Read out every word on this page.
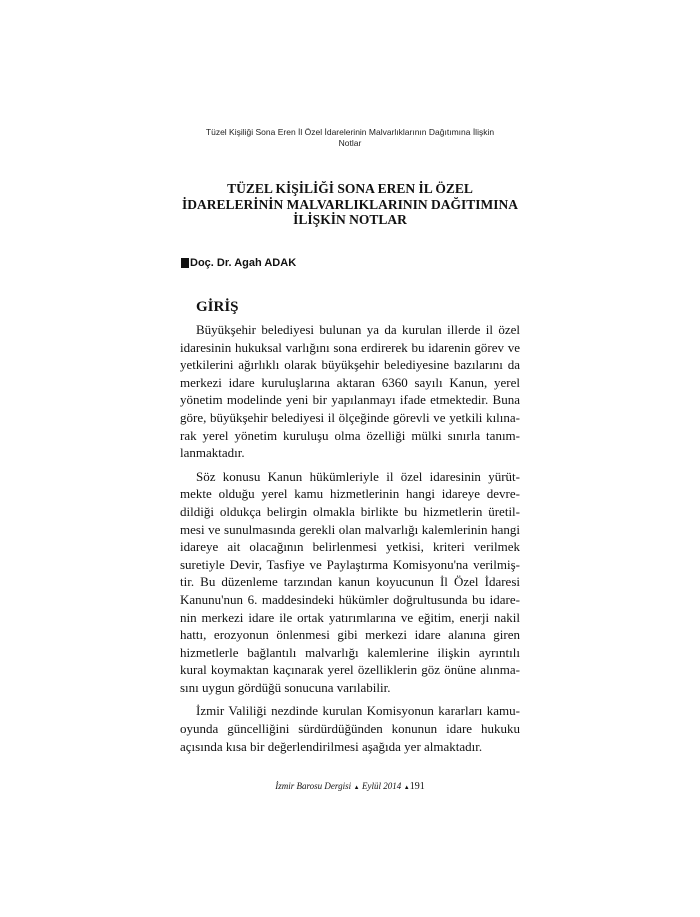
Tüzel Kişiliği Sona Eren İl Özel İdarelerinin Malvarlıklarının Dağıtımına İlişkin
Notlar
TÜZEL KİŞİLİĞİ SONA EREN İL ÖZEL
İDARELERİNİN MALVARLIKLARININ DAĞITIMINA
İLİŞKİN NOTLAR
Doç. Dr. Agah ADAK
GİRİŞ
Büyükşehir belediyesi bulunan ya da kurulan illerde il özel
idaresinin hukuksal varlığını sona erdirerek bu idarenin görev ve
yetkilerini ağırlıklı olarak büyükşehir belediyesine bazılarını da
merkezi idare kuruluşlarına aktaran 6360 sayılı Kanun, yerel
yönetim modelinde yeni bir yapılanmayı ifade etmektedir. Buna
göre, büyükşehir belediyesi il ölçeğinde görevli ve yetkili kılına-
rak yerel yönetim kuruluşu olma özelliği mülki sınırla tanım-
lanmaktadır.
Söz konusu Kanun hükümleriyle il özel idaresinin yürüt-
mekte olduğu yerel kamu hizmetlerinin hangi idareye devre-
dildiği oldukça belirgin olmakla birlikte bu hizmetlerin üretil-
mesi ve sunulmasında gerekli olan malvarlığı kalemlerinin hangi
idareye ait olacağının belirlenmesi yetkisi, kriteri verilmek
suretiyle Devir, Tasfiye ve Paylaştırma Komisyonu'na verilmiş-
tir. Bu düzenleme tarzından kanun koyucunun İl Özel İdaresi
Kanunu'nun 6. maddesindeki hükümler doğrultusunda bu idare-
nin merkezi idare ile ortak yatırımlarına ve eğitim, enerji nakil
hattı, erozyonun önlenmesi gibi merkezi idare alanına giren
hizmetlerle bağlantılı malvarlığı kalemlerine ilişkin ayrıntılı
kural koymaktan kaçınarak yerel özelliklerin göz önüne alınma-
sını uygun gördüğü sonucuna varılabilir.
İzmir Valiliği nezdinde kurulan Komisyonun kararları kamu-
oyunda güncelliğini sürdürdüğünden konunun idare hukuku
açısında kısa bir değerlendirilmesi aşağıda yer almaktadır.
İzmir Barosu Dergisi ▲ Eylül 2014 ▲191
